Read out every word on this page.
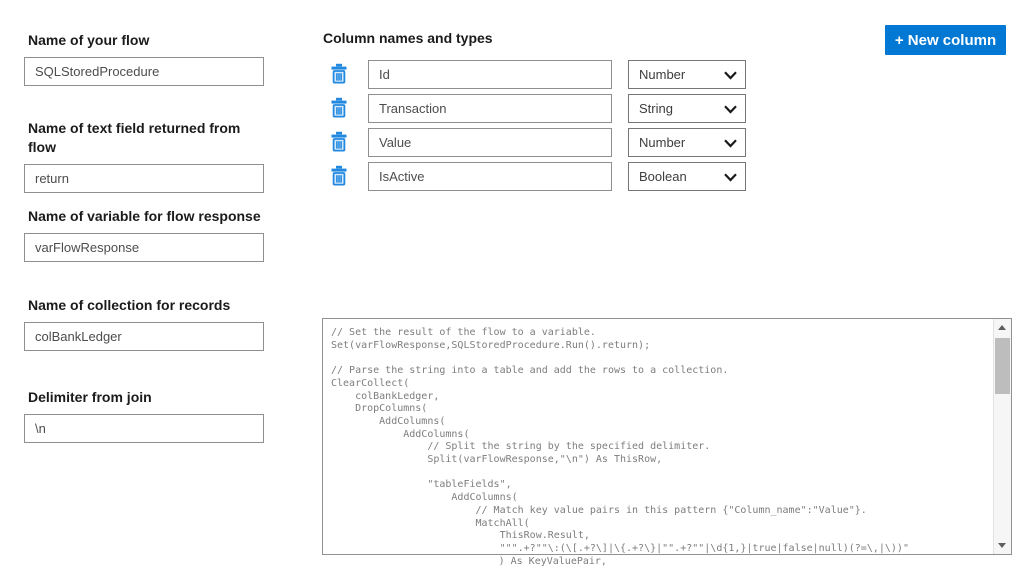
Name of your flow
SQLStoredProcedure
Name of text field returned from flow
return
Name of variable for flow response
varFlowResponse
Name of collection for records
colBankLedger
Delimiter from join
\n
Column names and types	+ New column
Id
Number
Transaction
String
Value
Number
IsActive
Boolean
// Set the result of the flow to a variable.
Set(varFlowResponse,SQLStoredProcedure.Run().return);
// Parse the string into a table and add the rows to a collection.
ClearCollect(
colBankLedger,
DropColumns(
AddColumns(
AddColumns(
// Split the string by the specified delimiter.
Split(varFlowResponse,"\n") As ThisRow,
"tableFields",
AddColumns(
// Match key value pairs in this pattern {"Column_name":"Value"}.
MatchAll(
ThisRow.Result,
""".+?""\:(\[.+?\]|\{.+?\}|"".+?""|\d{1,}|true|false|null)(?=\,|\))"
) As KeyValuePair,
